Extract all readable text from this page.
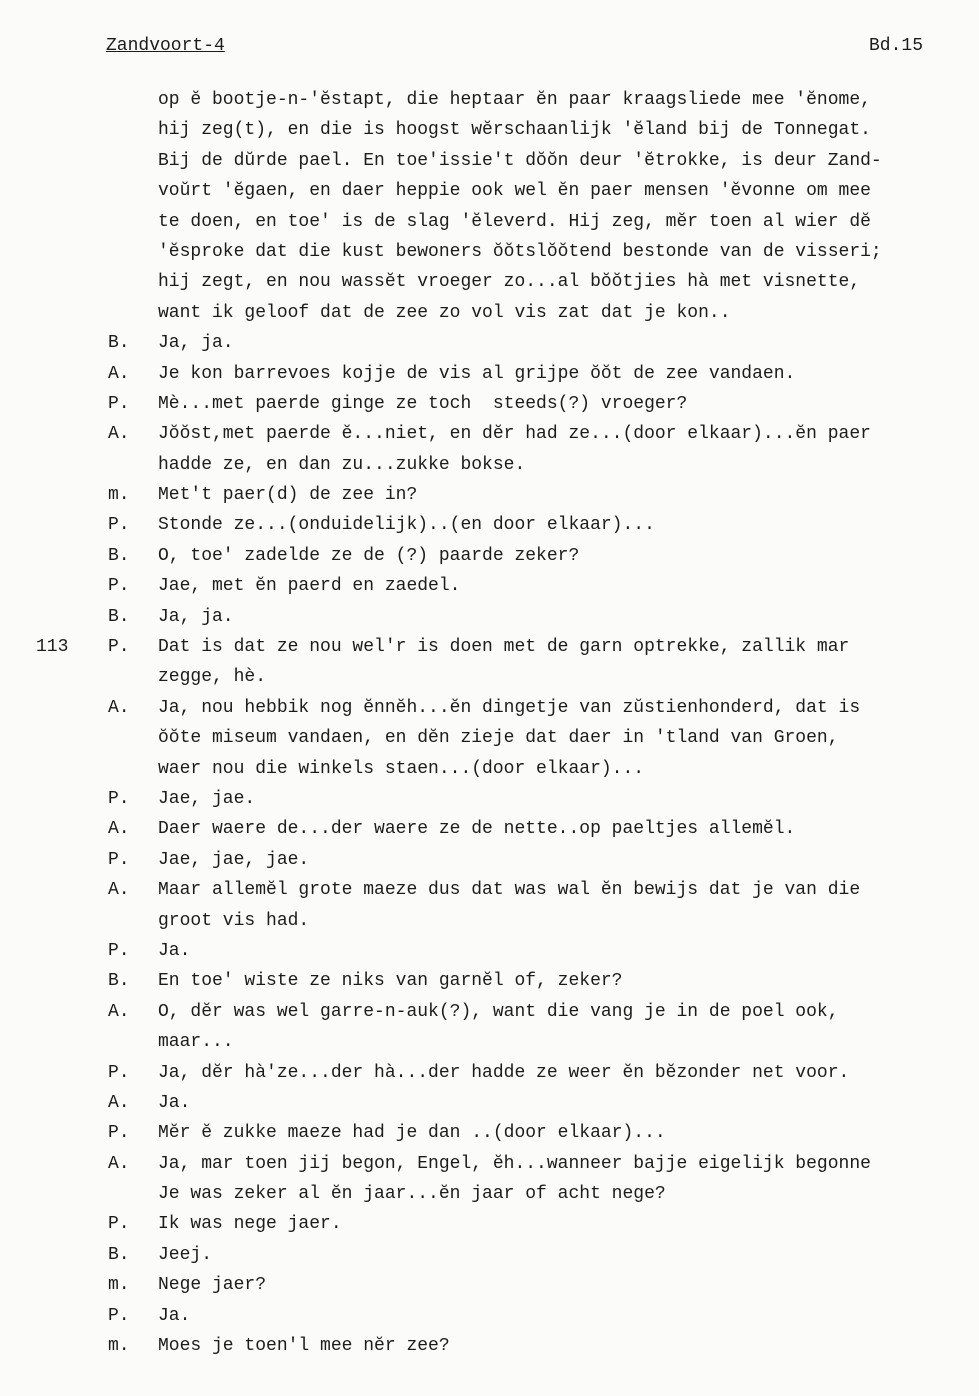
Zandvoort-4	Bd.15
op ĕ bootje-n-'ĕstapt, die heptaar ĕn paar kraagsliede mee 'ĕnome,
hij zeg(t), en die is hoogst wĕrschaanlijk 'ĕland bij de Tonnegat.
Bij de dŭrde pael. En toe'issie't dŏŏn deur 'ĕtrokke, is deur Zand-
voŭrt 'ĕgaen, en daer heppie ook wel ĕn paer mensen 'ĕvonne om mee
te doen, en toe' is de slag 'ĕleverd. Hij zeg, mĕr toen al wier dĕ
'ĕsproke dat die kust bewoners ŏŏtslŏŏtend bestonde van de visseri;
hij zegt, en nou wassĕt vroeger zo...al bŏŏtjies hà met visnette,
want ik geloof dat de zee zo vol vis zat dat je kon..
B. Ja, ja.
A. Je kon barrevoes kojje de vis al grijpe ŏŏt de zee vandaen.
P. Mè...met paerde ginge ze toch  steeds(?) vroeger?
A. Jŏŏst,met paerde ĕ...niet, en dĕr had ze...(door elkaar)...ĕn paer
hadde ze, en dan zu...zukke bokse.
m. Met't paer(d) de zee in?
P. Stonde ze...(onduidelijk)..(en door elkaar)...
B. O, toe' zadelde ze de (?) paarde zeker?
P. Jae, met ĕn paerd en zaedel.
B. Ja, ja.
113 P. Dat is dat ze nou wel'r is doen met de garn optrekke, zallik mar
zegge, hè.
A. Ja, nou hebbik nog ĕnnĕh...ĕn dingetje van zŭstienhonderd, dat is
ŏŏte miseum vandaen, en dĕn zieje dat daer in 'tland van Groen,
waer nou die winkels staen...(door elkaar)...
P. Jae, jae.
A. Daer waere de...der waere ze de nette..op paeltjes allemĕl.
P. Jae, jae, jae.
A. Maar allemĕl grote maeze dus dat was wal ĕn bewijs dat je van die
groot vis had.
P. Ja.
B. En toe' wiste ze niks van garnĕl of, zeker?
A. O, dĕr was wel garre-n-auk(?), want die vang je in de poel ook,
maar...
P. Ja, dĕr hà'ze...der hà...der hadde ze weer ĕn bĕzonder net voor.
A. Ja.
P. Mĕr ĕ zukke maeze had je dan ..(door elkaar)...
A. Ja, mar toen jij begon, Engel, ĕh...wanneer bajje eigelijk begonne
Je was zeker al ĕn jaar...ĕn jaar of acht nege?
P. Ik was nege jaer.
B. Jeej.
m. Nege jaer?
P. Ja.
m. Moes je toen'l mee nĕr zee?
